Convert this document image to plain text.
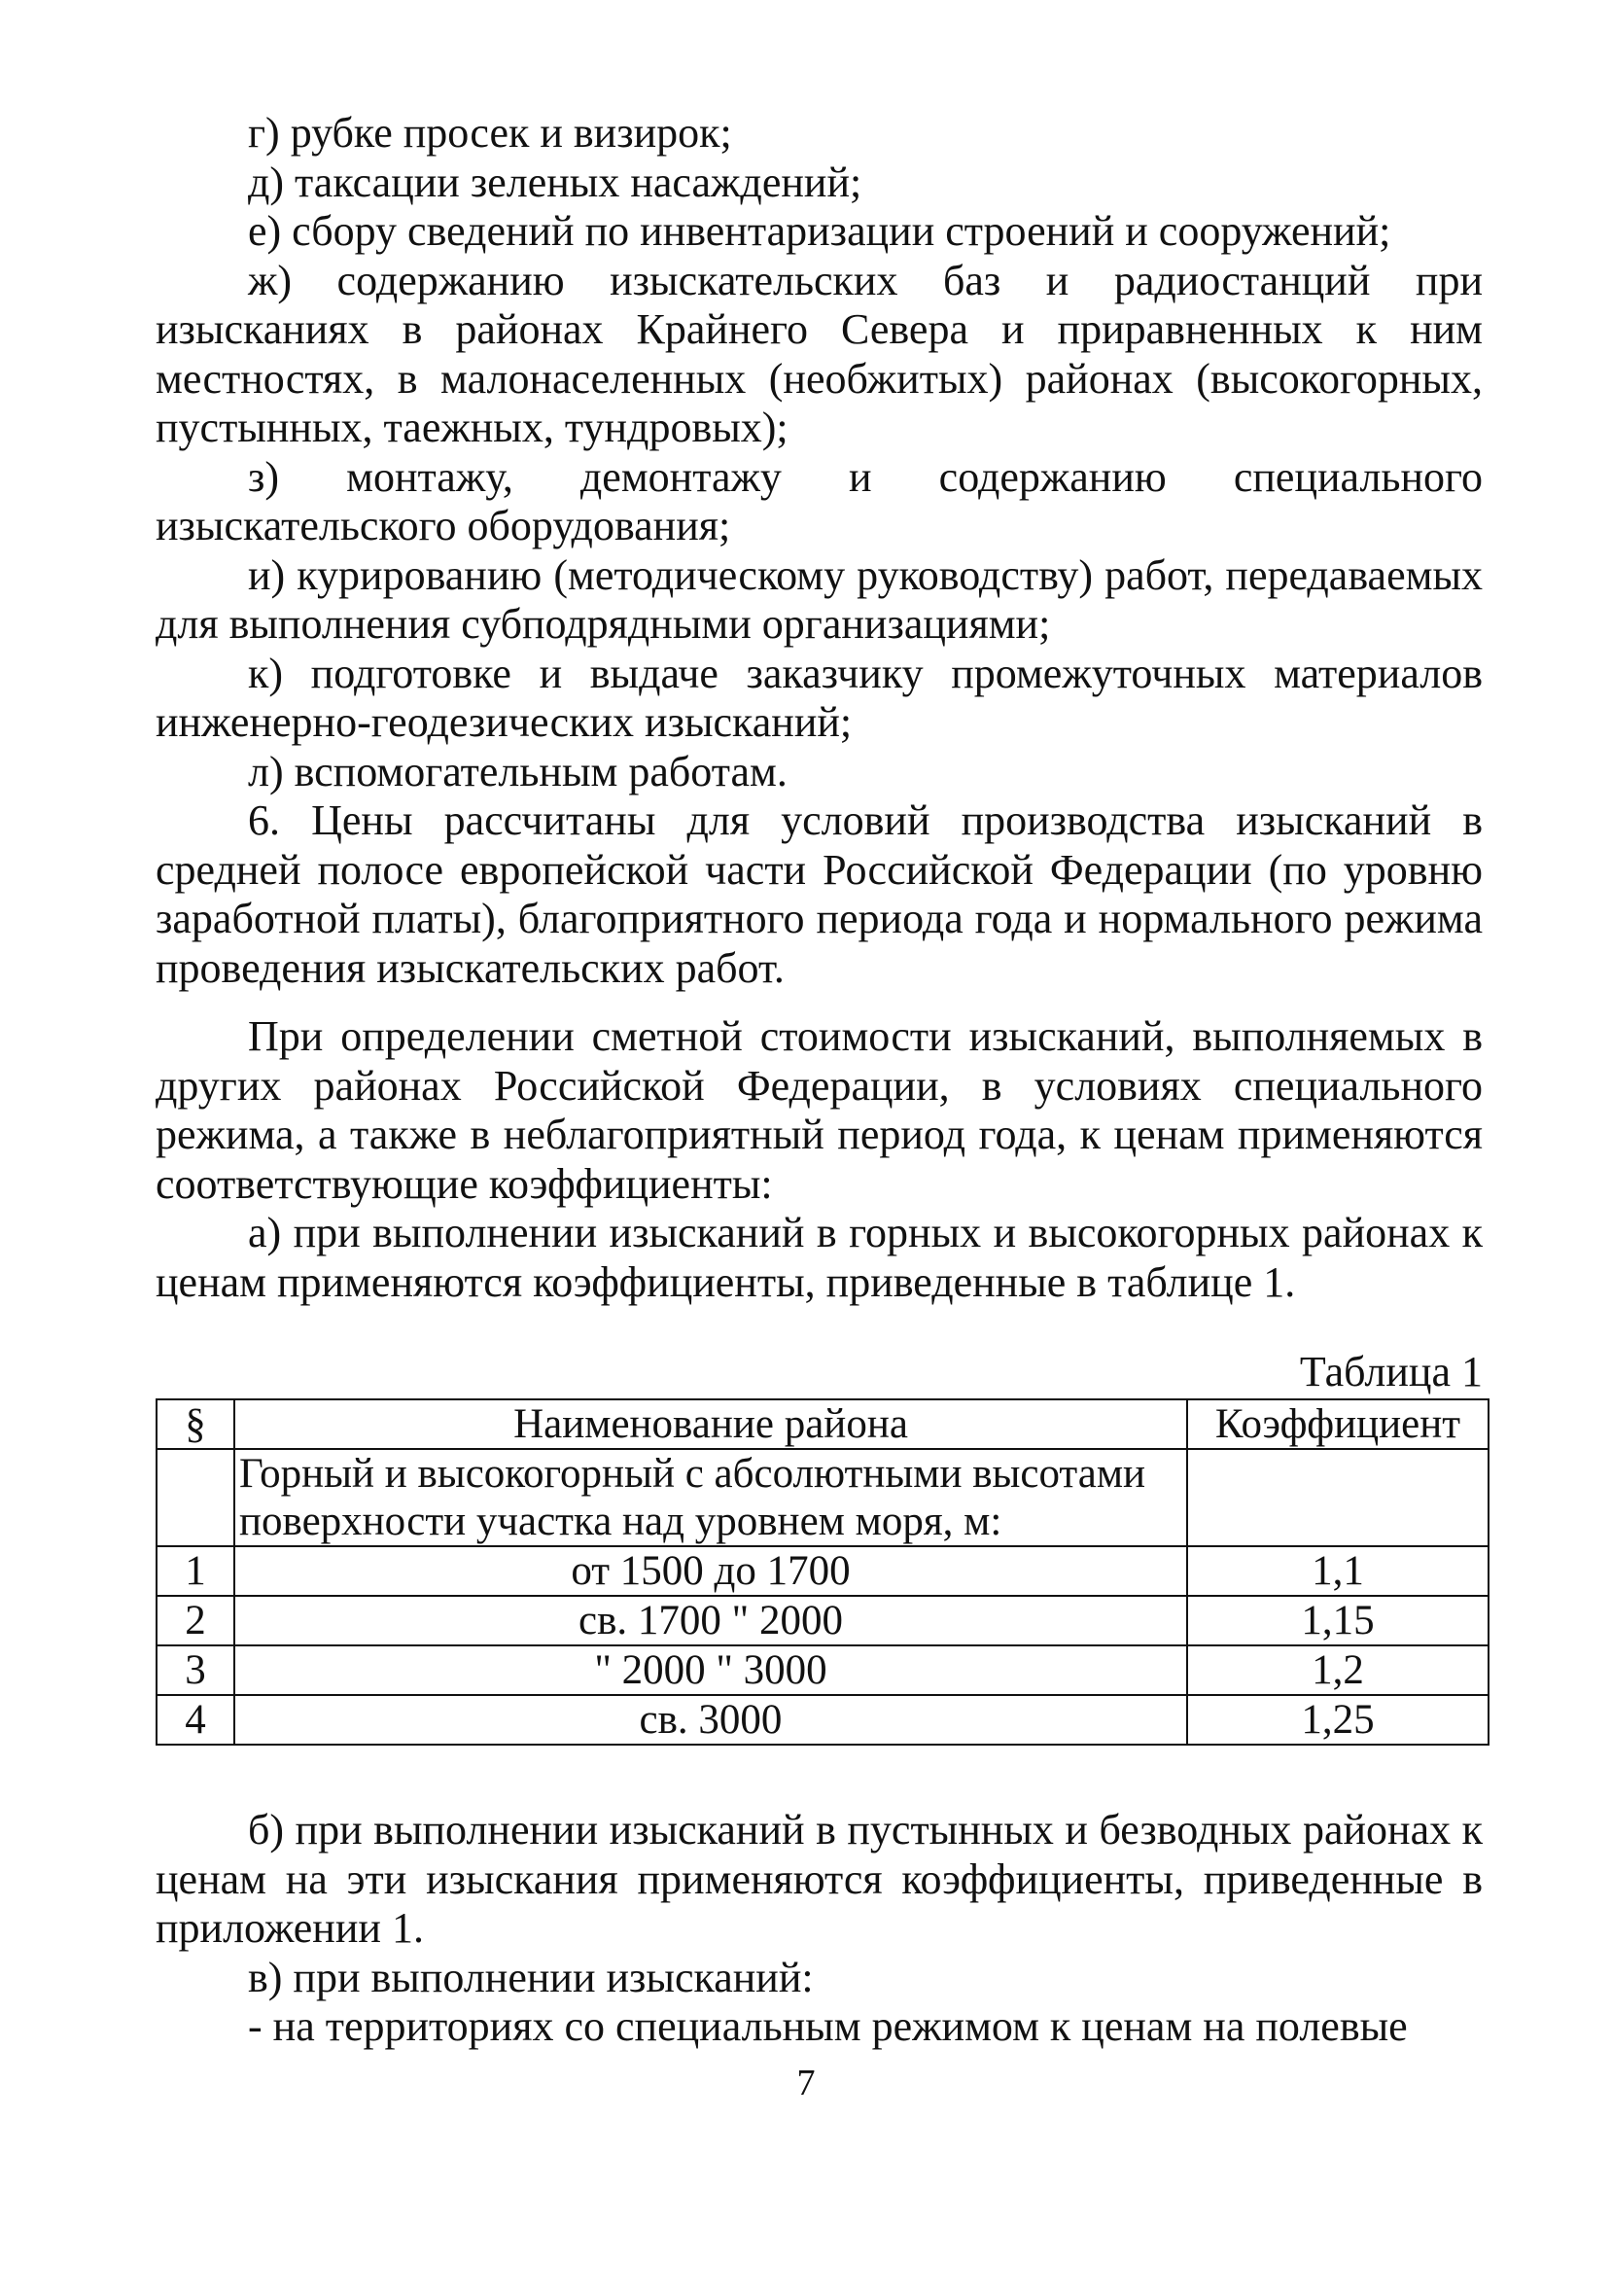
г) рубке просек и визирок;

д) таксации зеленых насаждений;

е) сбору сведений по инвентаризации строений и сооружений;

ж) содержанию изыскательских баз и радиостанций при изысканиях в районах Крайнего Севера и приравненных к ним местностях, в малонаселенных (необжитых) районах (высокогорных, пустынных, таежных, тундровых);

з) монтажу, демонтажу и содержанию специального изыскательского оборудования;

и) курированию (методическому руководству) работ, передаваемых для выполнения субподрядными организациями;

к) подготовке и выдаче заказчику промежуточных материалов инженерно-геодезических изысканий;

л) вспомогательным работам.

6. Цены рассчитаны для условий производства изысканий в средней полосе европейской части Российской Федерации (по уровню заработной платы), благоприятного периода года и нормального режима проведения изыскательских работ.

При определении сметной стоимости изысканий, выполняемых в других районах Российской Федерации, в условиях специального режима, а также в неблагоприятный период года, к ценам применяются соответствующие коэффициенты:

а) при выполнении изысканий в горных и высокогорных районах к ценам применяются коэффициенты, приведенные в таблице 1.

Таблица 1
§	Наименование района	Коэффициент
	Горный и высокогорный с абсолютными высотами поверхности участка над уровнем моря, м:	
1	от 1500 до 1700	1,1
2	св. 1700 " 2000	1,15
3	" 2000 " 3000	1,2
4	св. 3000	1,25

б) при выполнении изысканий в пустынных и безводных районах к ценам на эти изыскания применяются коэффициенты, приведенные в приложении 1.

в) при выполнении изысканий:

- на территориях со специальным режимом к ценам на полевые

7
